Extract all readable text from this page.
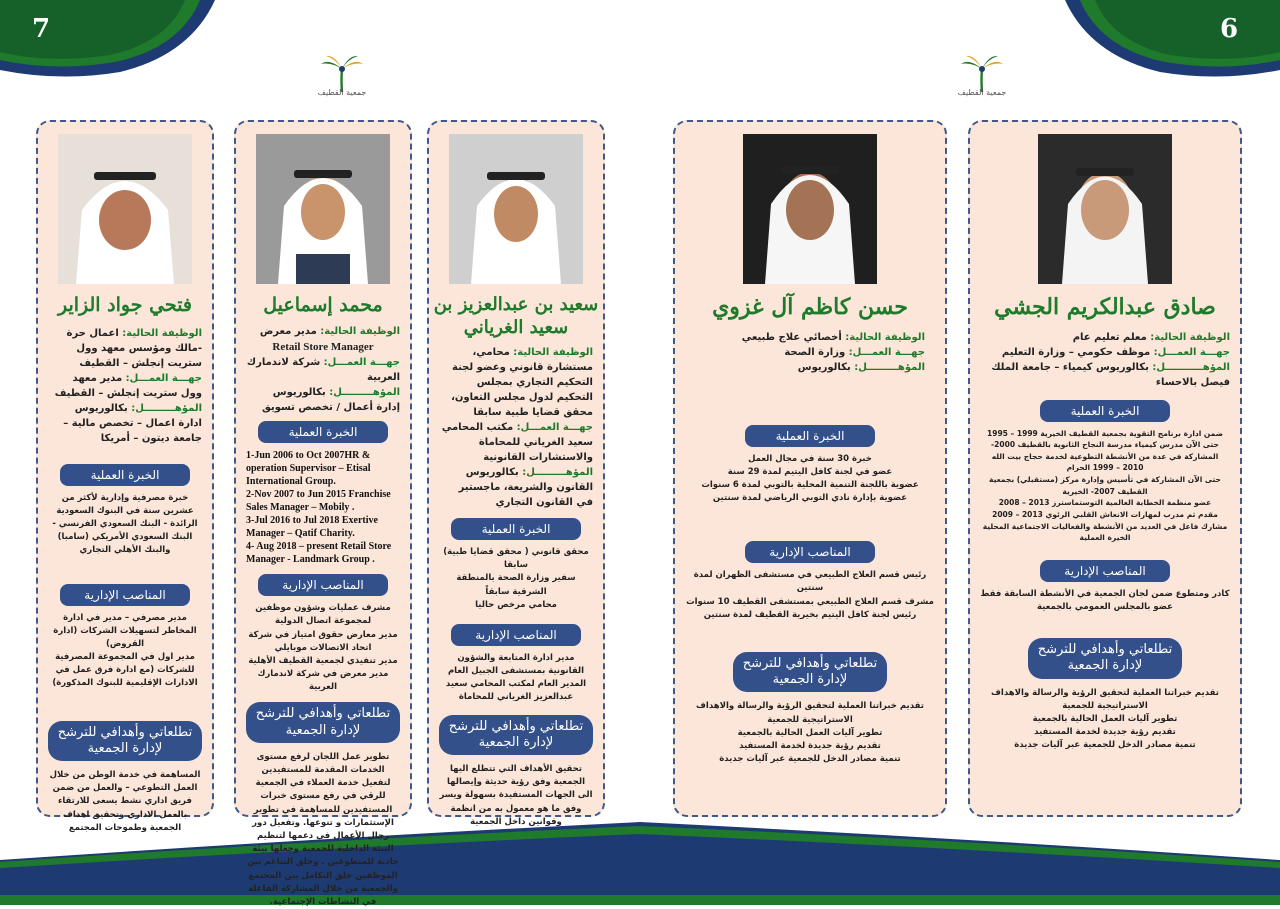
7	6
جمعية القطيف	جمعية القطيف
صادق عبدالكريم الجشي
الوظيفة الحالية: معلم تعليم عام
جهـــة العمـــل: موظف حكومي – وزارة التعليم
المؤهـــــــــــل: بكالوريوس كيمياء – جامعة الملك فيصل بالاحساء
الخبرة العملية
ضمن ادارة برنامج التقوية بجمعية القطيف الخيرية 1999 – 1995
حتى الآن مدرس كيمياء مدرسة النجاح الثانوية بالقطيف 2000-
المشاركة في عدة من الأنشطة التطوعية لخدمة حجاج بيت الله 2010 – 1999 الحرام
حتى الآن المشاركة في تأسيس وإدارة مركز (مستقبلي) بجمعية القطيف 2007- الخيرية
عضو منظمة الخطابة العالمية التوستماسترز 2013 – 2008
مقدم ثم مدرب لمهارات الانعاش القلبي الرئوي 2013 – 2009
مشارك فاعل في العديد من الأنشطة والفعاليات الاجتماعية المحلية الخيرة العملية
المناصب الإدارية
كادر ومتطوع ضمن لجان الجمعية في الأنشطة السابقة فقط
عضو بالمجلس العمومي بالجمعية
تطلعاتي وأهدافي للترشح لإدارة الجمعية
تقديم خبراتنا العملية لتحقيق الرؤية والرسالة والاهداف الاستراتيجية للجمعية
تطوير آليات العمل الحالية بالجمعية
تقديم رؤية جديدة لخدمة المستفيد
تنمية مصادر الدخل للجمعية عبر آليات جديدة
حسن كاظم آل غزوي
الوظيفة الحالية: أخصائي علاج طبيعي
جهـــة العمـــل: وزارة الصحة
المؤهـــــــــل: بكالوريوس
الخبرة العملية
خبرة 30 سنة في مجال العمل
عضو في لجنة كافل اليتيم لمدة 29 سنة
عضوية باللجنة التنمية المحلية بالتوبي لمدة 6 سنوات
عضوية بإدارة نادي التوبي الرياضي لمدة سنتين
المناصب الإدارية
رئيس قسم العلاج الطبيعي في مستشفى الظهران لمدة سنتين
مشرف قسم العلاج الطبيعي بمستشفى القطيف 10 سنوات
رئيس لجنة كافل اليتيم بخيرية القطيف لمدة سنتين
تطلعاتي وأهدافي للترشح لإدارة الجمعية
تقديم خبراتنا العملية لتحقيق الرؤية والرسالة والاهداف الاستراتيجية للجمعية
تطوير آليات العمل الحالية بالجمعية
تقديم رؤية جديدة لخدمة المستفيد
تنمية مصادر الدخل للجمعية عبر آليات جديدة
سعيد بن عبدالعزيز بن سعيد الغرياني
الوظيفة الحالية: محامي، مستشارة قانوني وعضو لجنة التحكيم التجاري بمجلس التحكيم لدول مجلس التعاون، محقق قضايا طبية سابقا
جهـــة العمـــل: مكتب المحامي سعيد الغرياني للمحاماة والاستشارات القانونية
المؤهـــــــــل: بكالوريوس القانون والشريعة، ماجستير في القانون التجاري
الخبرة العملية
محقق قانوني ( محقق قضايا طبية) سابقا
سفير وزارة الصحة بالمنطقة الشرقية سابقاً
محامي مرخص حاليا
المناصب الإدارية
مدير ادارة المتابعة والشؤون القانونية بمستشفى الجبيل العام
المدير العام لمكتب المحامي سعيد عبدالعزيز الغرياني للمحاماة
تطلعاتي وأهدافي للترشح لإدارة الجمعية
تحقيق الأهداف التي تتطلع اليها الجمعية وفق رؤية حديثة وإيصالها الى الجهات المستفيدة بسهولة ويسر وفق ما هو معمول به من انظمة وقوانين داخل الجمعية
محمد إسماعيل
الوظيفة الحالية: مدير معرض
Retail Store Manager
جهـــة العمـــل: شركة لاندمارك العربية
المؤهـــــــــل: بكالوريوس إدارة أعمال / تخصص تسويق
الخبرة العملية
1-Jun 2006 to Oct 2007HR & operation Supervisor – Etisal International Group.
2-Nov 2007 to Jun 2015 Franchise Sales Manager – Mobily .
3-Jul 2016 to Jul 2018 Exertive Manager – Qatif Charity.
4- Aug 2018 – present Retail Store Manager - Landmark Group .
المناصب الإدارية
مشرف عمليات وشؤون موظفين لمجموعة اتصال الدولية
مدير معارض حقوق امتياز في شركة اتحاد الاتصالات موبايلي
مدير تنفيذي لجمعية القطيف الأهلية
مدير معرض في شركة لاندمارك العربية
تطلعاتي وأهدافي للترشح لإدارة الجمعية
تطوير عمل اللجان لرفع مستوى الخدمات المقدمة للمستفيدين لتفعيل خدمة العملاء في الجمعية للرقي في رفع مستوى خبرات المستفيدين للمساهمة في تطوير الإستثمارات و تنوعها. وتفعيل دور رجال الأعمال في دعمها لتنظيم البيئة الداخلية للجمعية وجعلها بيئة جاذبة للمتطوعين . وخلق التناغم بين الموظفين خلق التكامل بين المجتمع والجمعية من خلال المشاركة الفاعلة في النشاطات الإجتماعية.
فتحي جواد الزاير
الوظيفة الحالية: اعمال حرة -مالك ومؤسس معهد وول ستريت إنجلش – القطيف
جهـــة العمـــل: مدير معهد وول ستريت إنجلش – القطيف
المؤهـــــــــل: بكالوريوس ادارة اعمال – تخصص مالية – جامعة ديتون – أمريكا
الخبرة العملية
خبرة مصرفية وإدارية لأكثر من عشرين سنة في البنوك السعودية الرائدة - البنك السعودي الفرنسي - البنك السعودي الأمريكي (سامبا) والبنك الأهلي التجاري
المناصب الإدارية
مدير مصرفي – مدير في ادارة المخاطر لتسهيلات الشركات (ادارة القروض)
مدير اول في المجموعة المصرفية للشركات (مع ادارة فرق عمل في الادارات الإقليمية للبنوك المذكورة)
تطلعاتي وأهدافي للترشح لإدارة الجمعية
المساهمة في خدمة الوطن من خلال العمل التطوعي – والعمل من ضمن فريق اداري نشط يسعى للارتقاء بالعمل الاداري وتحقيق اهداف الجمعية وطموحات المجتمع
